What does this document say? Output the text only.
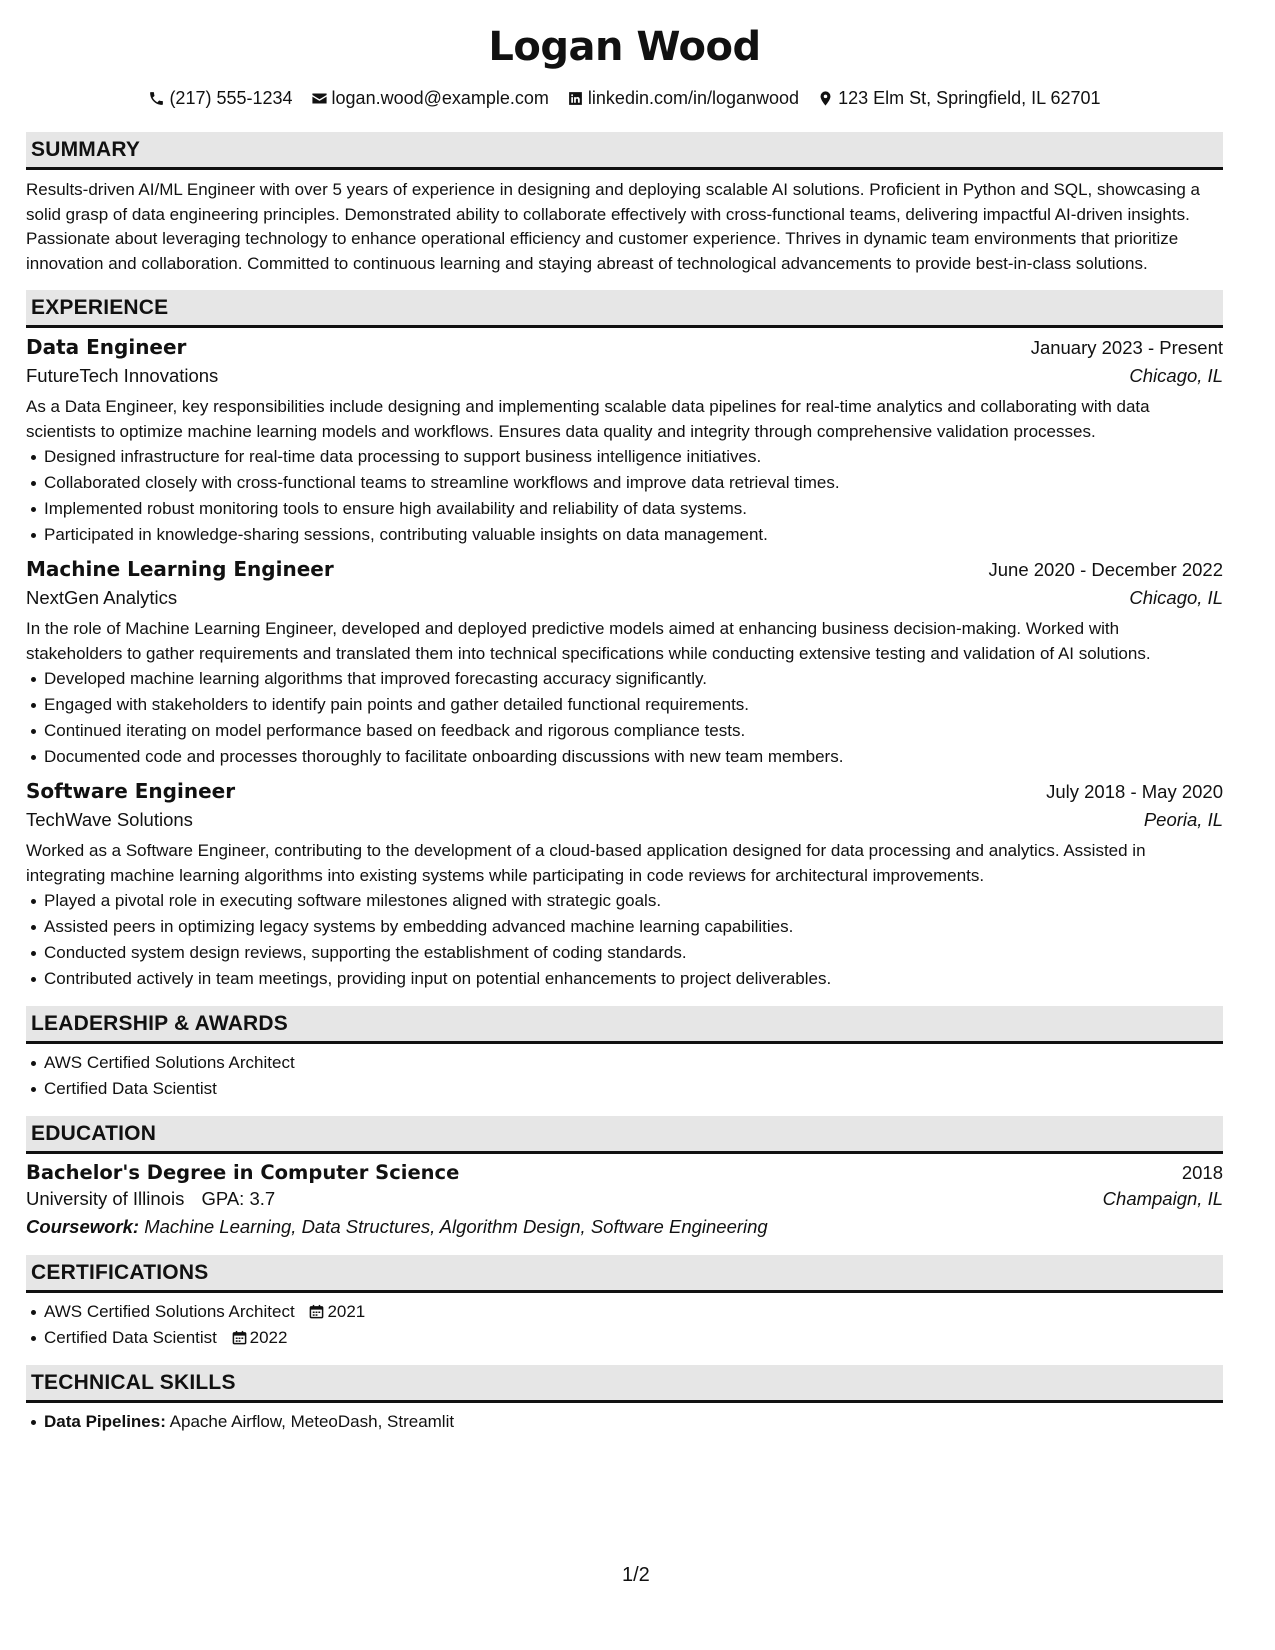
Logan Wood
(217) 555-1234 logan.wood@example.com linkedin.com/in/loganwood 123 Elm St, Springfield, IL 62701
SUMMARY

Results-driven AI/ML Engineer with over 5 years of experience in designing and deploying scalable AI solutions. Proficient in Python and SQL, showcasing a solid grasp of data engineering principles. Demonstrated ability to collaborate effectively with cross-functional teams, delivering impactful AI-driven insights. Passionate about leveraging technology to enhance operational efficiency and customer experience. Thrives in dynamic team environments that prioritize innovation and collaboration. Committed to continuous learning and staying abreast of technological advancements to provide best-in-class solutions.

EXPERIENCE
Data Engineer	January 2023 - Present
FutureTech Innovations	Chicago, IL

As a Data Engineer, key responsibilities include designing and implementing scalable data pipelines for real-time analytics and collaborating with data scientists to optimize machine learning models and workflows. Ensures data quality and integrity through comprehensive validation processes.

Designed infrastructure for real-time data processing to support business intelligence initiatives.
Collaborated closely with cross-functional teams to streamline workflows and improve data retrieval times.
Implemented robust monitoring tools to ensure high availability and reliability of data systems.
Participated in knowledge-sharing sessions, contributing valuable insights on data management.
Machine Learning Engineer	June 2020 - December 2022
NextGen Analytics	Chicago, IL

In the role of Machine Learning Engineer, developed and deployed predictive models aimed at enhancing business decision-making. Worked with stakeholders to gather requirements and translated them into technical specifications while conducting extensive testing and validation of AI solutions.

Developed machine learning algorithms that improved forecasting accuracy significantly.
Engaged with stakeholders to identify pain points and gather detailed functional requirements.
Continued iterating on model performance based on feedback and rigorous compliance tests.
Documented code and processes thoroughly to facilitate onboarding discussions with new team members.
Software Engineer	July 2018 - May 2020
TechWave Solutions	Peoria, IL

Worked as a Software Engineer, contributing to the development of a cloud-based application designed for data processing and analytics. Assisted in integrating machine learning algorithms into existing systems while participating in code reviews for architectural improvements.

Played a pivotal role in executing software milestones aligned with strategic goals.
Assisted peers in optimizing legacy systems by embedding advanced machine learning capabilities.
Conducted system design reviews, supporting the establishment of coding standards.
Contributed actively in team meetings, providing input on potential enhancements to project deliverables.
LEADERSHIP & AWARDS
AWS Certified Solutions Architect
Certified Data Scientist
EDUCATION
Bachelor's Degree in Computer Science	2018
University of Illinois GPA: 3.7	Champaign, IL
Coursework: Machine Learning, Data Structures, Algorithm Design, Software Engineering
CERTIFICATIONS
AWS Certified Solutions Architect 2021
Certified Data Scientist 2022
TECHNICAL SKILLS
Data Pipelines: Apache Airflow, MeteoDash, Streamlit
1/2
